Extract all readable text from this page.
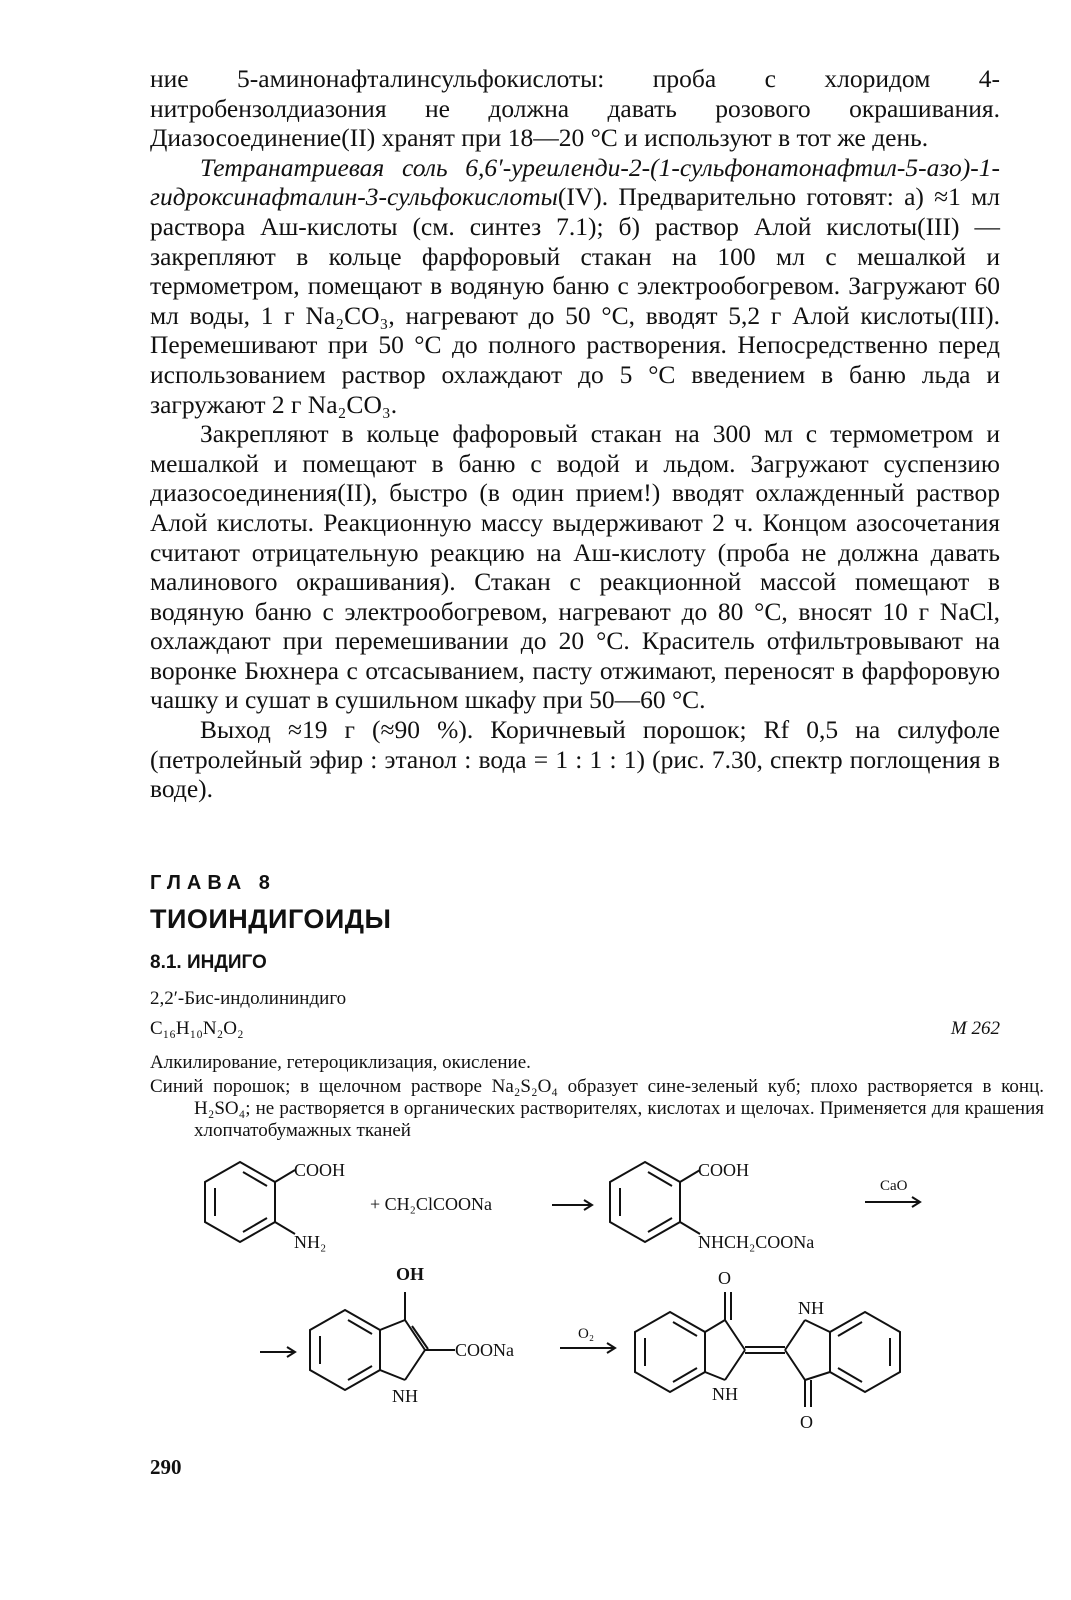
ние 5-аминонафталинсульфокислоты: проба с хлоридом 4-нитробензолдиазония не должна давать розового окрашивания. Диазосоединение(II) хранят при 18—20 °С и используют в тот же день.

Тетранатриевая соль 6,6′-уреиленди-2-(1-сульфонатонафтил-5-азо)-1-гидроксинафталин-3-сульфокислоты(IV). Предварительно готовят: а) ≈1 мл раствора Аш-кислоты (см. синтез 7.1); б) раствор Алой кислоты(III) — закрепляют в кольце фарфоровый стакан на 100 мл с мешалкой и термометром, помещают в водяную баню с электрообогревом. Загружают 60 мл воды, 1 г Na₂CO₃, нагревают до 50 °С, вводят 5,2 г Алой кислоты(III). Перемешивают при 50 °С до полного растворения. Непосредственно перед использованием раствор охлаждают до 5 °С введением в баню льда и загружают 2 г Na₂CO₃.

Закрепляют в кольце фафоровый стакан на 300 мл с термометром и мешалкой и помещают в баню с водой и льдом. Загружают суспензию диазосоединения(II), быстро (в один прием!) вводят охлажденный раствор Алой кислоты. Реакционную массу выдерживают 2 ч. Концом азосочетания считают отрицательную реакцию на Аш-кислоту (проба не должна давать малинового окрашивания). Стакан с реакционной массой помещают в водяную баню с электрообогревом, нагревают до 80 °С, вносят 10 г NaCl, охлаждают при перемешивании до 20 °С. Краситель отфильтровывают на воронке Бюхнера с отсасыванием, пасту отжимают, переносят в фарфоровую чашку и сушат в сушильном шкафу при 50—60 °С.

Выход ≈19 г (≈90 %). Коричневый порошок; Rf 0,5 на силуфоле (петролейный эфир : этанол : вода = 1 : 1 : 1) (рис. 7.30, спектр поглощения в воде).

ГЛАВА 8
ТИОИНДИГОИДЫ
8.1. ИНДИГО
2,2′-Бис-индолининдиго
C₁₆H₁₀N₂O₂	М 262
Алкилирование, гетероциклизация, окисление.
Синий порошок; в щелочном растворе Na₂S₂O₄ образует сине-зеленый куб; плохо растворяется в конц. H₂SO₄; не растворяется в органических растворителях, кислотах и щелочах. Применяется для крашения хлопчатобумажных тканей
COOH
NH₂
+ CH₂ClCOONa
COOH
NHCH₂COONa
CaO
OH
COONa
NH
O₂
O
NH
NH
O
290
